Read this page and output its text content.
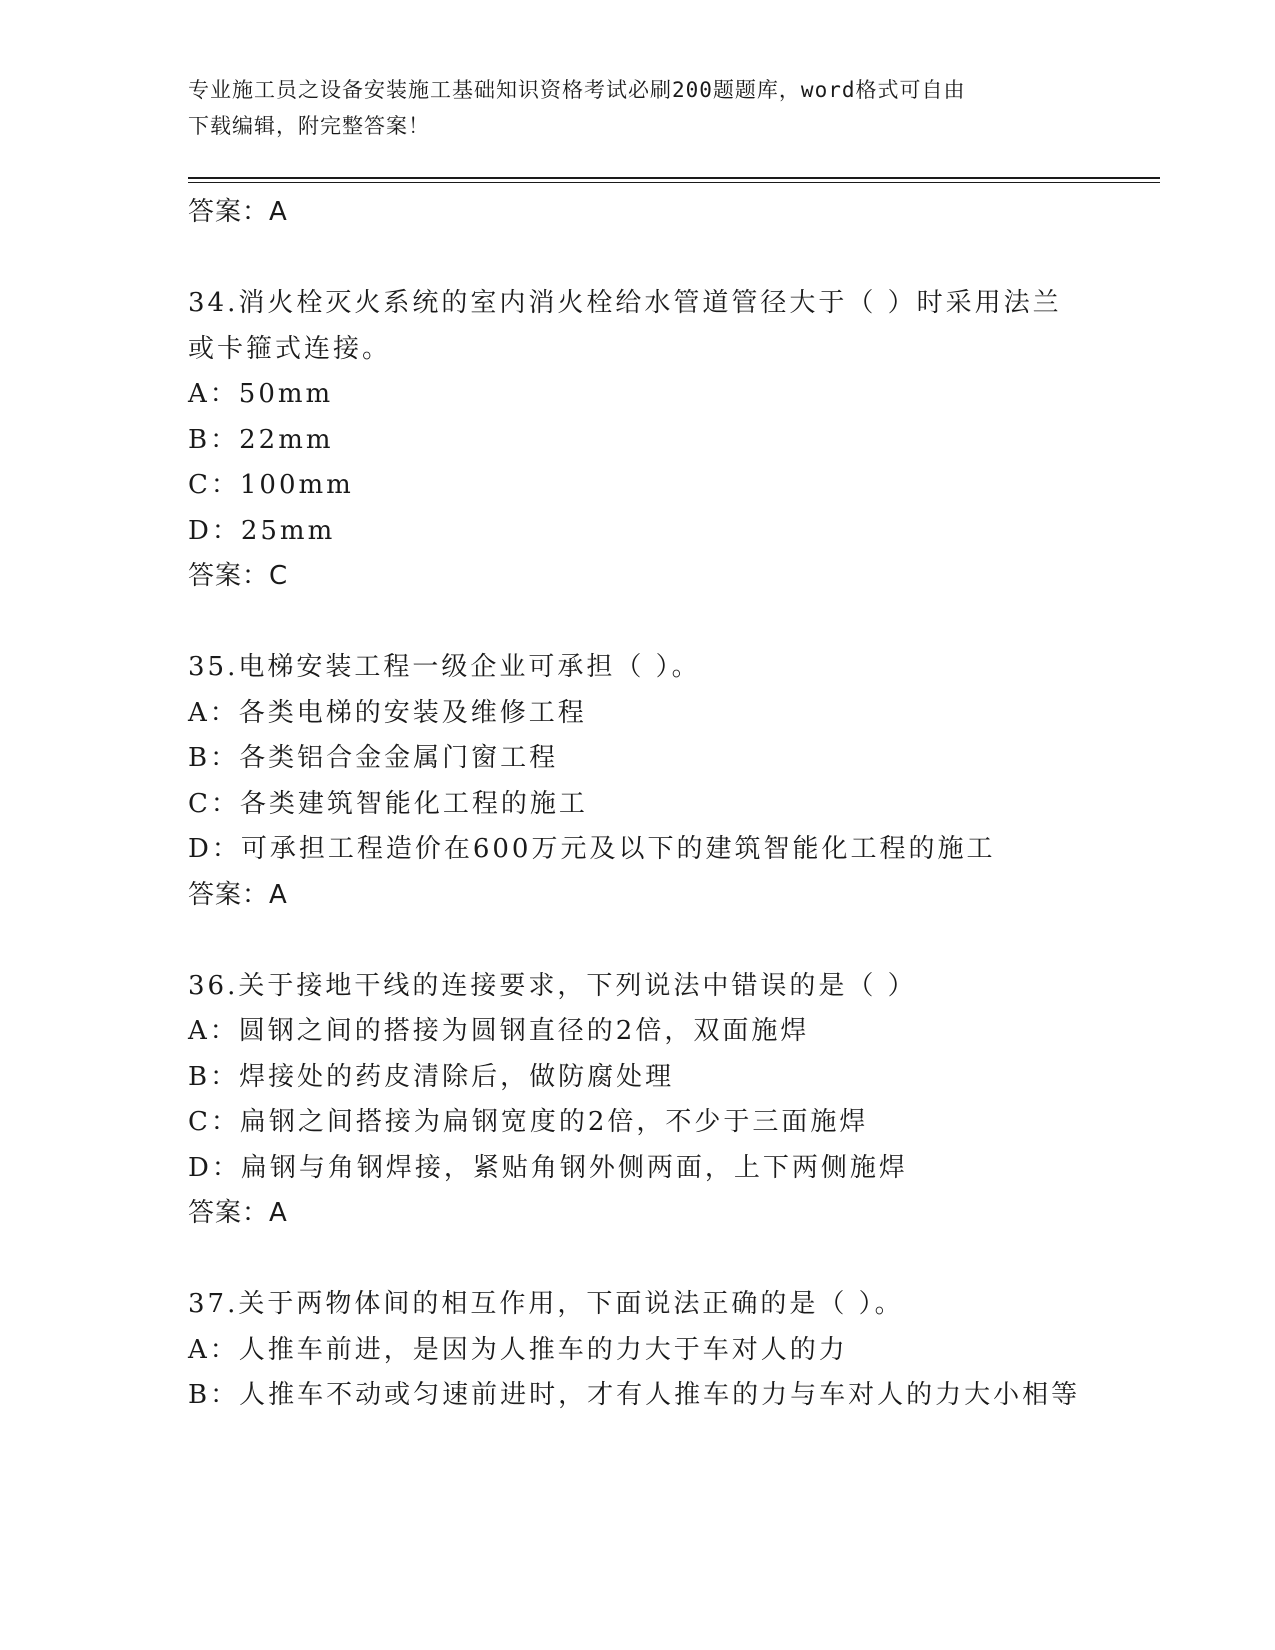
专业施工员之设备安装施工基础知识资格考试必刷200题题库，word格式可自由
下载编辑，附完整答案！
答案：A
34.消火栓灭火系统的室内消火栓给水管道管径大于（ ）时采用法兰
或卡箍式连接。
A：50mm
B：22mm
C：100mm
D：25mm
答案：C
35.电梯安装工程一级企业可承担（ ）。
A：各类电梯的安装及维修工程
B：各类铝合金金属门窗工程
C：各类建筑智能化工程的施工
D：可承担工程造价在600万元及以下的建筑智能化工程的施工
答案：A
36.关于接地干线的连接要求，下列说法中错误的是（ ）
A：圆钢之间的搭接为圆钢直径的2倍，双面施焊
B：焊接处的药皮清除后，做防腐处理
C：扁钢之间搭接为扁钢宽度的2倍，不少于三面施焊
D：扁钢与角钢焊接，紧贴角钢外侧两面，上下两侧施焊
答案：A
37.关于两物体间的相互作用，下面说法正确的是（ ）。
A：人推车前进，是因为人推车的力大于车对人的力
B：人推车不动或匀速前进时，才有人推车的力与车对人的力大小相等
